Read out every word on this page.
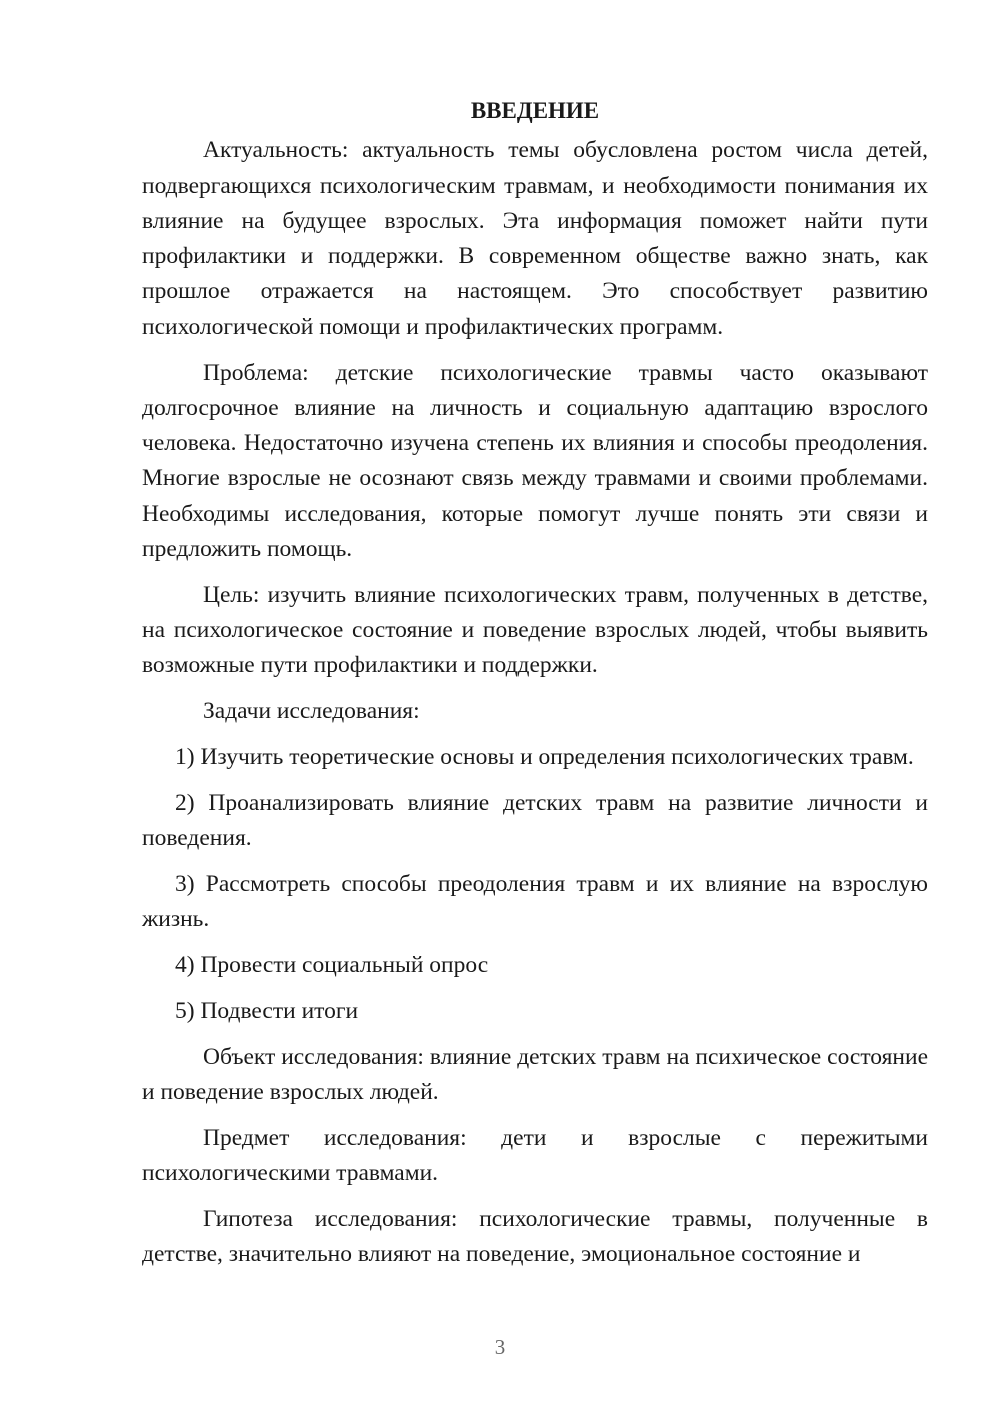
ВВЕДЕНИЕ

Актуальность: актуальность темы обусловлена ростом числа детей, подвергающихся психологическим травмам, и необходимости понимания их влияние на будущее взрослых. Эта информация поможет найти пути профилактики и поддержки. В современном обществе важно знать, как прошлое отражается на настоящем. Это способствует развитию психологической помощи и профилактических программ.

Проблема: детские психологические травмы часто оказывают долгосрочное влияние на личность и социальную адаптацию взрослого человека. Недостаточно изучена степень их влияния и способы преодоления. Многие взрослые не осознают связь между травмами и своими проблемами. Необходимы исследования, которые помогут лучше понять эти связи и предложить помощь.

Цель: изучить влияние психологических травм, полученных в детстве, на психологическое состояние и поведение взрослых людей, чтобы выявить возможные пути профилактики и поддержки.

Задачи исследования:

1) Изучить теоретические основы и определения психологических травм.

2) Проанализировать влияние детских травм на развитие личности и поведения.

3) Рассмотреть способы преодоления травм и их влияние на взрослую жизнь.

4) Провести социальный опрос

5) Подвести итоги

Объект исследования: влияние детских травм на психическое состояние и поведение взрослых людей.

Предмет исследования: дети и взрослые с пережитыми психологическими травмами.

Гипотеза исследования: психологические травмы, полученные в детстве, значительно влияют на поведение, эмоциональное состояние и

3
